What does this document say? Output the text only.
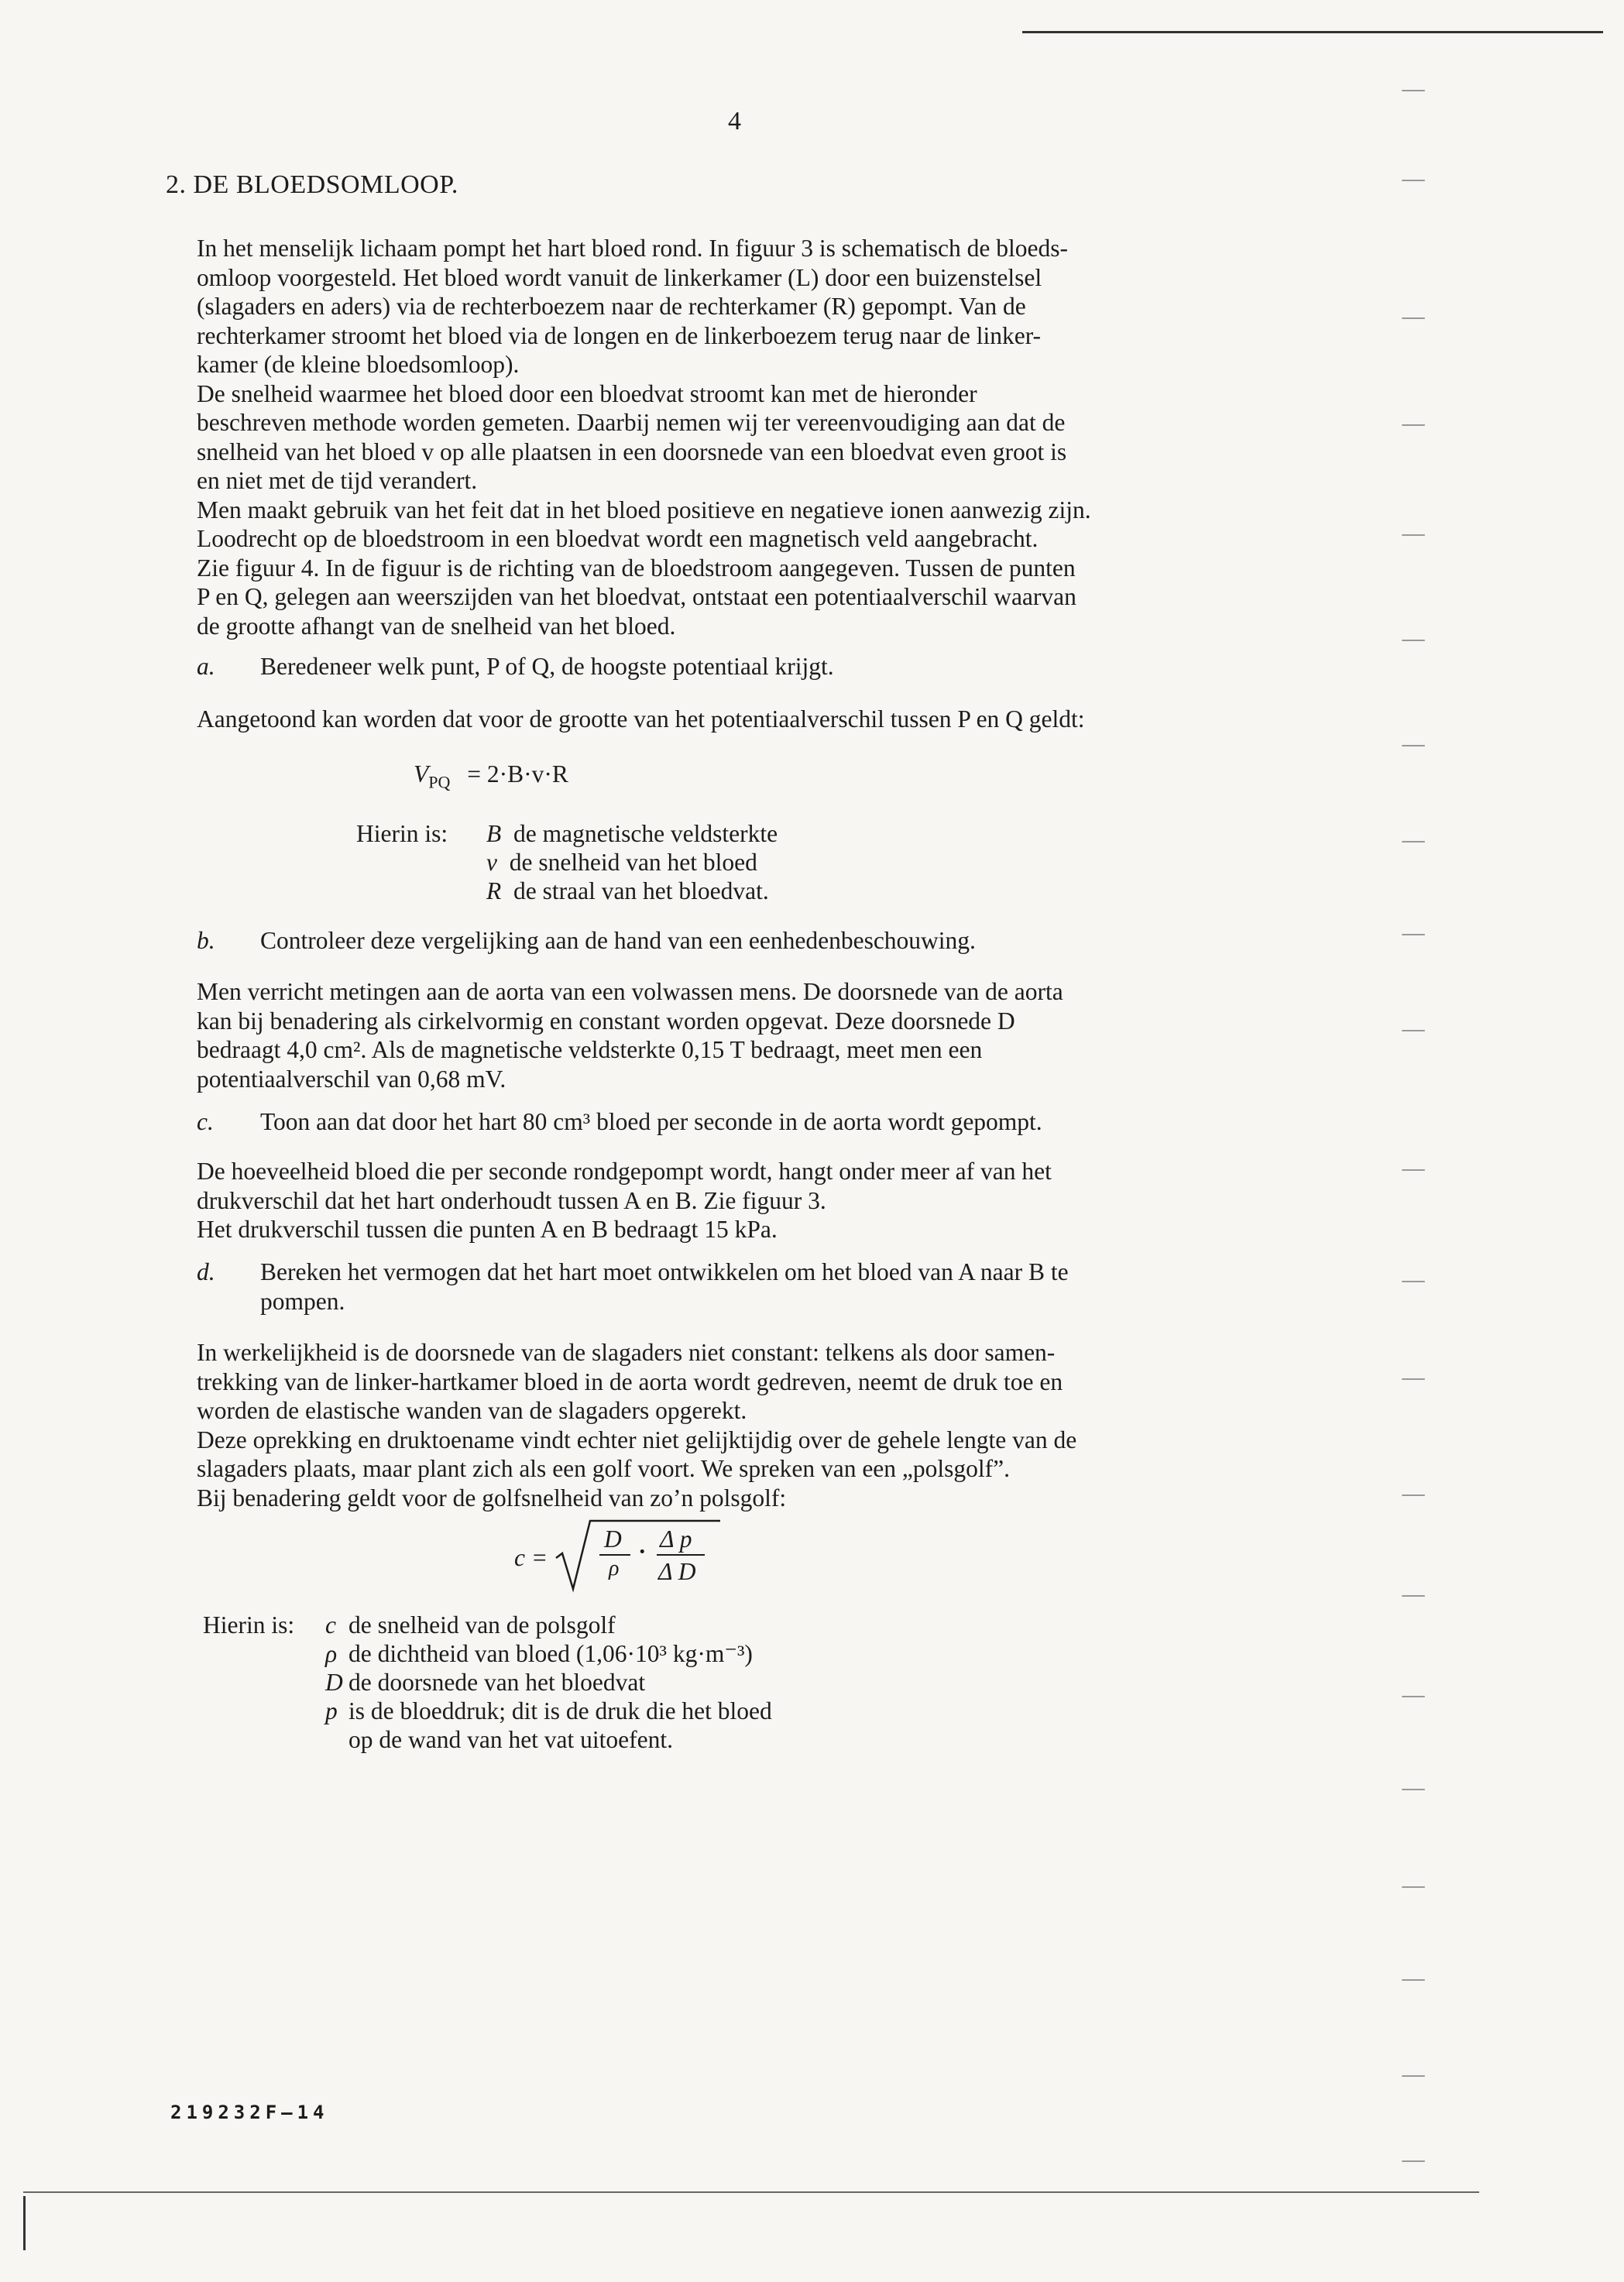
4
2. DE BLOEDSOMLOOP.
In het menselijk lichaam pompt het hart bloed rond. In figuur 3 is schematisch de bloeds-
omloop voorgesteld. Het bloed wordt vanuit de linkerkamer (L) door een buizenstelsel
(slagaders en aders) via de rechterboezem naar de rechterkamer (R) gepompt. Van de
rechterkamer stroomt het bloed via de longen en de linkerboezem terug naar de linker-
kamer (de kleine bloedsomloop).
De snelheid waarmee het bloed door een bloedvat stroomt kan met de hieronder
beschreven methode worden gemeten. Daarbij nemen wij ter vereenvoudiging aan dat de
snelheid van het bloed v op alle plaatsen in een doorsnede van een bloedvat even groot is
en niet met de tijd verandert.
Men maakt gebruik van het feit dat in het bloed positieve en negatieve ionen aanwezig zijn.
Loodrecht op de bloedstroom in een bloedvat wordt een magnetisch veld aangebracht.
Zie figuur 4. In de figuur is de richting van de bloedstroom aangegeven. Tussen de punten
P en Q, gelegen aan weerszijden van het bloedvat, ontstaat een potentiaalverschil waarvan
de grootte afhangt van de snelheid van het bloed.
a. Beredeneer welk punt, P of Q, de hoogste potentiaal krijgt.
Aangetoond kan worden dat voor de grootte van het potentiaalverschil tussen P en Q geldt:
$V_{PQ} = 2\cdot B\cdot v\cdot R$
Hierin is: B de magnetische veldsterkte
v de snelheid van het bloed
R de straal van het bloedvat.
b. Controleer deze vergelijking aan de hand van een eenhedenbeschouwing.
Men verricht metingen aan de aorta van een volwassen mens. De doorsnede van de aorta
kan bij benadering als cirkelvormig en constant worden opgevat. Deze doorsnede D
bedraagt 4,0 cm². Als de magnetische veldsterkte 0,15 T bedraagt, meet men een
potentiaalverschil van 0,68 mV.
c. Toon aan dat door het hart 80 cm³ bloed per seconde in de aorta wordt gepompt.
De hoeveelheid bloed die per seconde rondgepompt wordt, hangt onder meer af van het
drukverschil dat het hart onderhoudt tussen A en B. Zie figuur 3.
Het drukverschil tussen die punten A en B bedraagt 15 kPa.
d. Bereken het vermogen dat het hart moet ontwikkelen om het bloed van A naar B te
pompen.
In werkelijkheid is de doorsnede van de slagaders niet constant: telkens als door samen-
trekking van de linker-hartkamer bloed in de aorta wordt gedreven, neemt de druk toe en
worden de elastische wanden van de slagaders opgerekt.
Deze oprekking en druktoename vindt echter niet gelijktijdig over de gehele lengte van de
slagaders plaats, maar plant zich als een golf voort. We spreken van een „polsgolf”.
Bij benadering geldt voor de golfsnelheid van zo’n polsgolf:
c =
D
ρ
· Δ p
Δ D
Hierin is: c de snelheid van de polsgolf
ρ de dichtheid van bloed (1,06·10³ kg·m⁻³)
D de doorsnede van het bloedvat
p is de bloeddruk; dit is de druk die het bloed
op de wand van het vat uitoefent.
219232F–14
